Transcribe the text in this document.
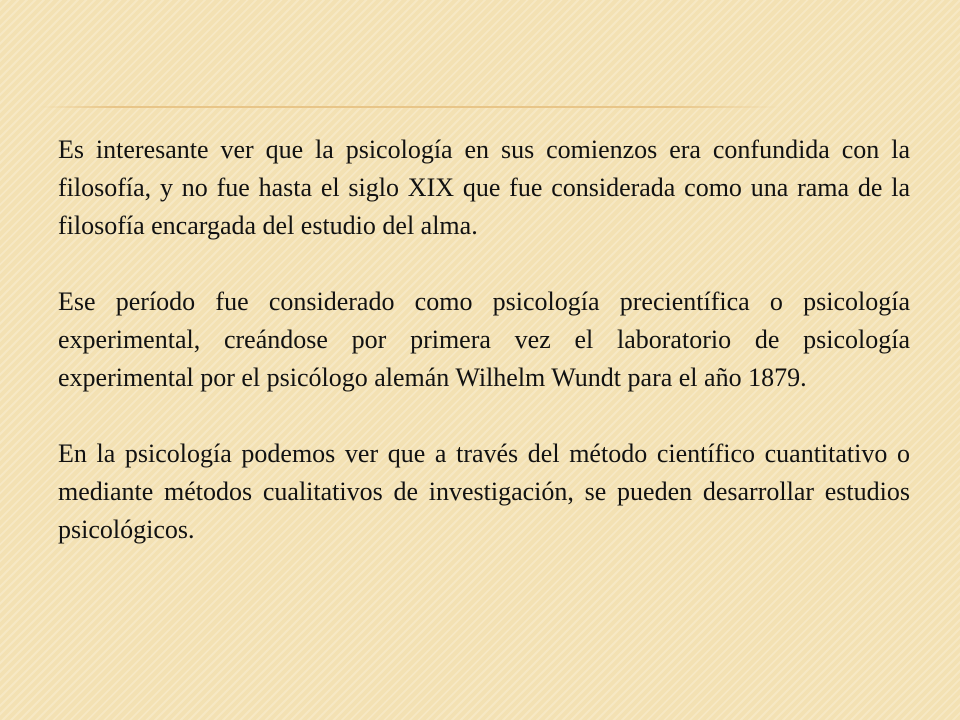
Es interesante ver que la psicología en sus comienzos era confundida con la filosofía, y no fue hasta el siglo XIX que fue considerada como una rama de la filosofía encargada del estudio del alma.

Ese período fue considerado como psicología precientífica o psicología experimental, creándose por primera vez el laboratorio de psicología experimental por el psicólogo alemán Wilhelm Wundt para el año 1879.

En la psicología podemos ver que a través del método científico cuantitativo o mediante métodos cualitativos de investigación, se pueden desarrollar estudios psicológicos.
